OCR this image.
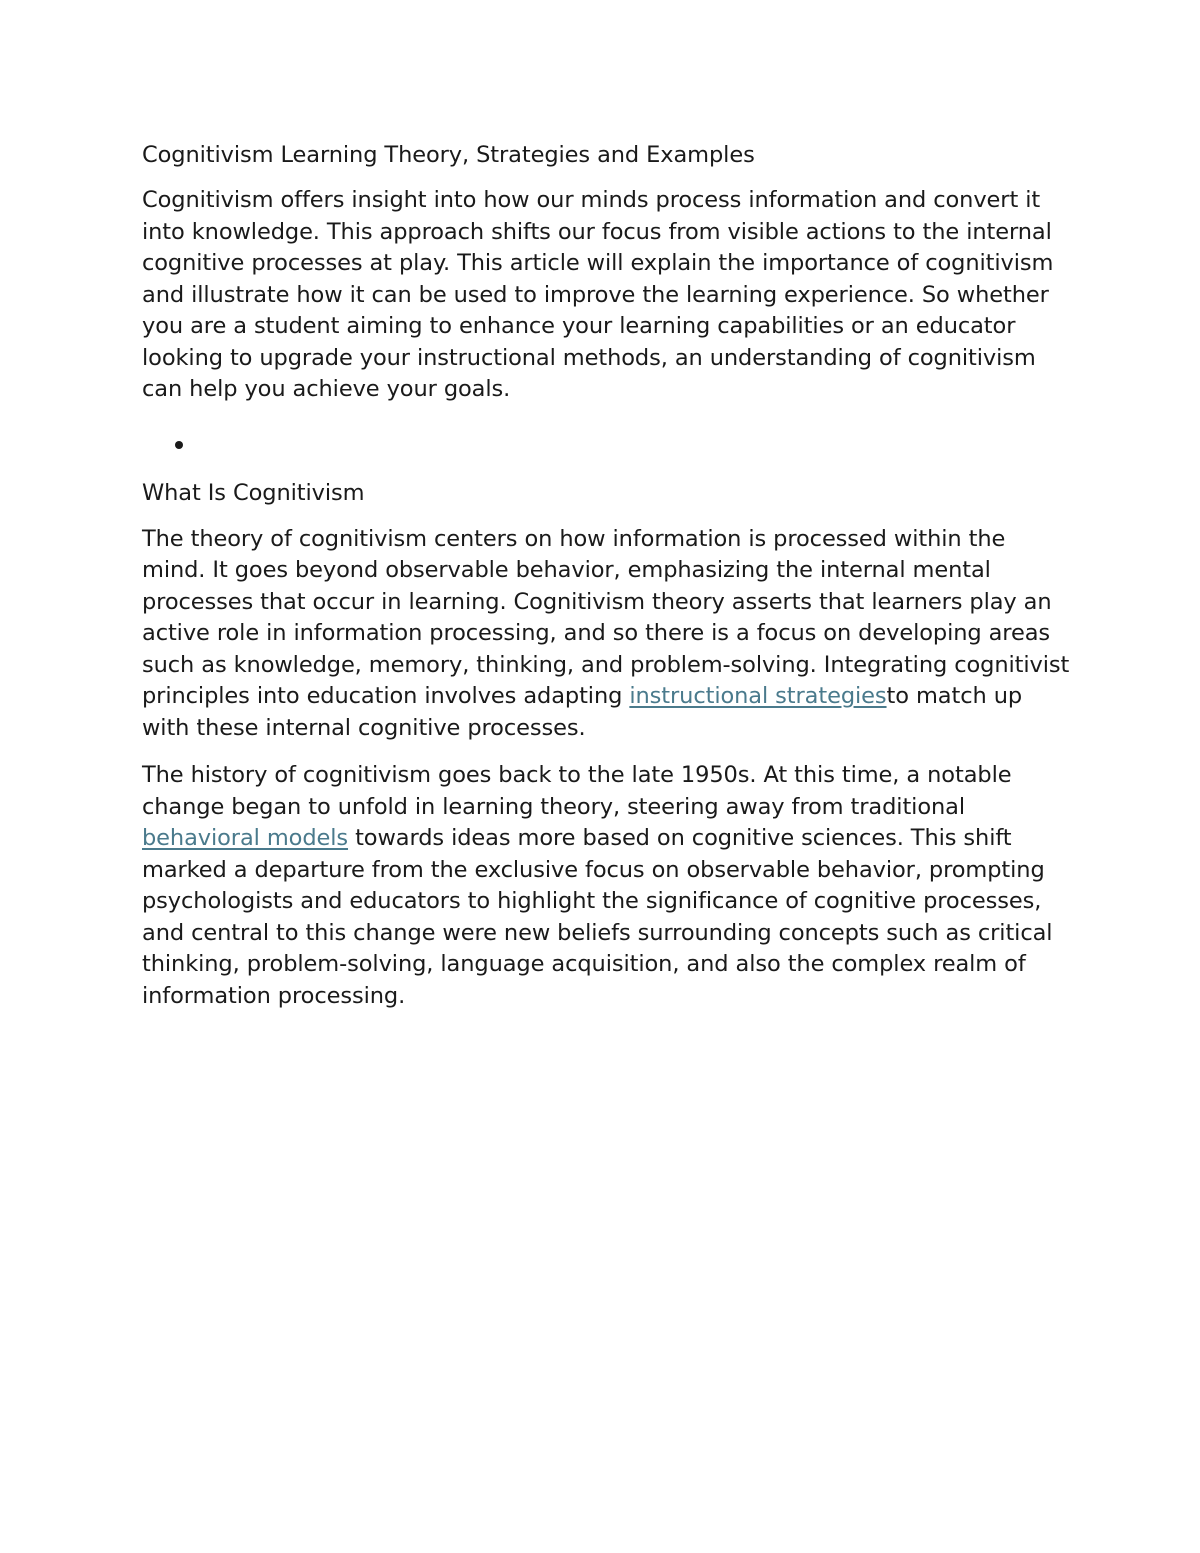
Cognitivism Learning Theory, Strategies and Examples

Cognitivism offers insight into how our minds process information and convert it into knowledge. This approach shifts our focus from visible actions to the internal cognitive processes at play. This article will explain the importance of cognitivism and illustrate how it can be used to improve the learning experience. So whether you are a student aiming to enhance your learning capabilities or an educator looking to upgrade your instructional methods, an understanding of cognitivism can help you achieve your goals.

What Is Cognitivism

The theory of cognitivism centers on how information is processed within the mind. It goes beyond observable behavior, emphasizing the internal mental processes that occur in learning. Cognitivism theory asserts that learners play an active role in information processing, and so there is a focus on developing areas such as knowledge, memory, thinking, and problem-solving. Integrating cognitivist principles into education involves adapting instructional strategiesto match up with these internal cognitive processes.

The history of cognitivism goes back to the late 1950s. At this time, a notable change began to unfold in learning theory, steering away from traditional behavioral models towards ideas more based on cognitive sciences. This shift marked a departure from the exclusive focus on observable behavior, prompting psychologists and educators to highlight the significance of cognitive processes, and central to this change were new beliefs surrounding concepts such as critical thinking, problem-solving, language acquisition, and also the complex realm of information processing.
